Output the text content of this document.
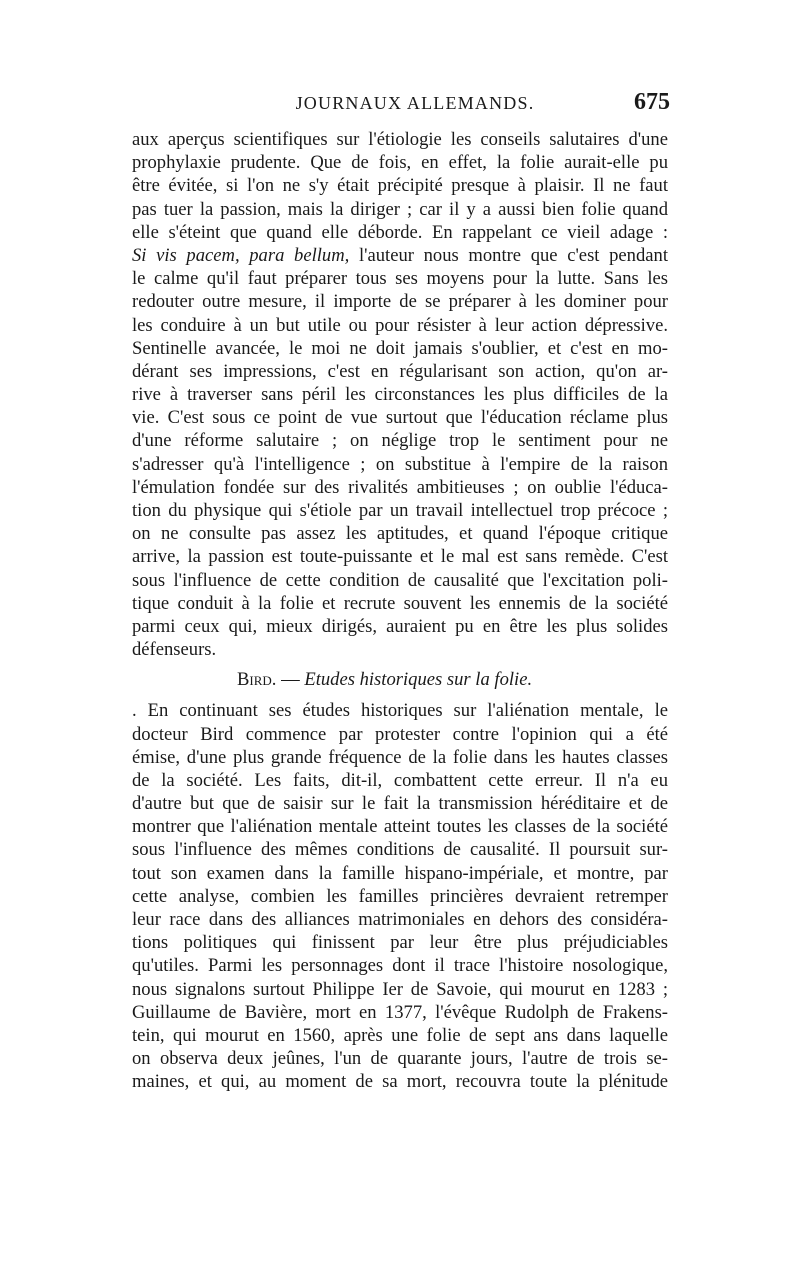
JOURNAUX ALLEMANDS.	675
aux aperçus scientifiques sur l'étiologie les conseils salutaires d'une
prophylaxie prudente. Que de fois, en effet, la folie aurait-elle pu
être évitée, si l'on ne s'y était précipité presque à plaisir. Il ne faut
pas tuer la passion, mais la diriger ; car il y a aussi bien folie quand
elle s'éteint que quand elle déborde. En rappelant ce vieil adage :
Si vis pacem, para bellum, l'auteur nous montre que c'est pendant
le calme qu'il faut préparer tous ses moyens pour la lutte. Sans les
redouter outre mesure, il importe de se préparer à les dominer pour
les conduire à un but utile ou pour résister à leur action dépressive.
Sentinelle avancée, le moi ne doit jamais s'oublier, et c'est en mo-
dérant ses impressions, c'est en régularisant son action, qu'on ar-
rive à traverser sans péril les circonstances les plus difficiles de la
vie. C'est sous ce point de vue surtout que l'éducation réclame plus
d'une réforme salutaire ; on néglige trop le sentiment pour ne
s'adresser qu'à l'intelligence ; on substitue à l'empire de la raison
l'émulation fondée sur des rivalités ambitieuses ; on oublie l'éduca-
tion du physique qui s'étiole par un travail intellectuel trop précoce ;
on ne consulte pas assez les aptitudes, et quand l'époque critique
arrive, la passion est toute-puissante et le mal est sans remède. C'est
sous l'influence de cette condition de causalité que l'excitation poli-
tique conduit à la folie et recrute souvent les ennemis de la société
parmi ceux qui, mieux dirigés, auraient pu en être les plus solides
défenseurs.
Bird. — Etudes historiques sur la folie.
. En continuant ses études historiques sur l'aliénation mentale, le
docteur Bird commence par protester contre l'opinion qui a été
émise, d'une plus grande fréquence de la folie dans les hautes classes
de la société. Les faits, dit-il, combattent cette erreur. Il n'a eu
d'autre but que de saisir sur le fait la transmission héréditaire et de
montrer que l'aliénation mentale atteint toutes les classes de la société
sous l'influence des mêmes conditions de causalité. Il poursuit sur-
tout son examen dans la famille hispano-impériale, et montre, par
cette analyse, combien les familles princières devraient retremper
leur race dans des alliances matrimoniales en dehors des considéra-
tions politiques qui finissent par leur être plus préjudiciables
qu'utiles. Parmi les personnages dont il trace l'histoire nosologique,
nous signalons surtout Philippe Ier de Savoie, qui mourut en 1283 ;
Guillaume de Bavière, mort en 1377, l'évêque Rudolph de Frakens-
tein, qui mourut en 1560, après une folie de sept ans dans laquelle
on observa deux jeûnes, l'un de quarante jours, l'autre de trois se-
maines, et qui, au moment de sa mort, recouvra toute la plénitude
